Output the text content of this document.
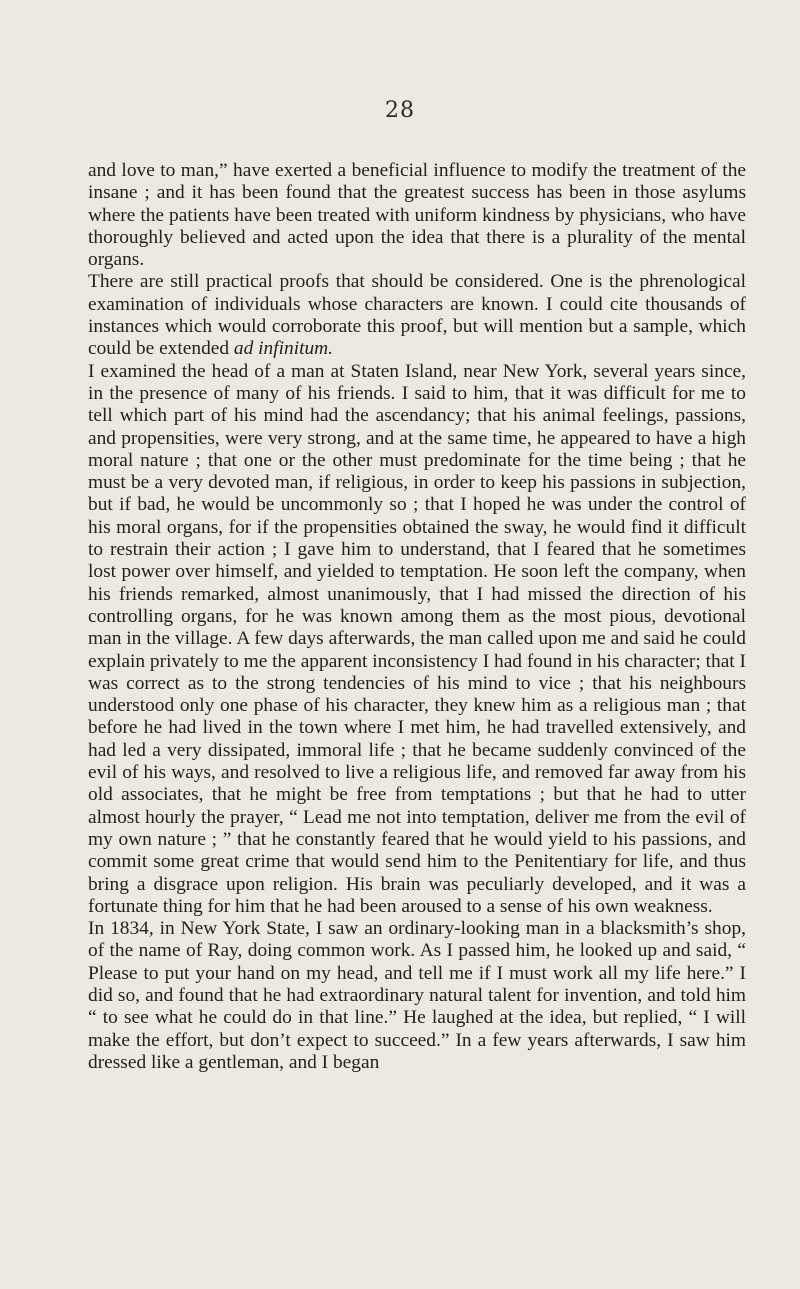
28

and love to man,” have exerted a beneficial influence to modify the treatment of the insane ; and it has been found that the greatest success has been in those asylums where the patients have been treated with uniform kindness by physicians, who have thoroughly believed and acted upon the idea that there is a plurality of the mental organs.

There are still practical proofs that should be considered. One is the phrenological examination of individuals whose characters are known. I could cite thousands of instances which would corroborate this proof, but will mention but a sample, which could be extended ad infinitum.

I examined the head of a man at Staten Island, near New York, several years since, in the presence of many of his friends. I said to him, that it was difficult for me to tell which part of his mind had the ascendancy; that his animal feelings, passions, and propensities, were very strong, and at the same time, he appeared to have a high moral nature ; that one or the other must predominate for the time being ; that he must be a very devoted man, if religious, in order to keep his passions in subjection, but if bad, he would be uncommonly so ; that I hoped he was under the control of his moral organs, for if the propensities obtained the sway, he would find it difficult to restrain their action ; I gave him to understand, that I feared that he sometimes lost power over himself, and yielded to temptation. He soon left the company, when his friends remarked, almost unanimously, that I had missed the direction of his controlling organs, for he was known among them as the most pious, devotional man in the village. A few days afterwards, the man called upon me and said he could explain privately to me the apparent inconsistency I had found in his character; that I was correct as to the strong tendencies of his mind to vice ; that his neighbours understood only one phase of his character, they knew him as a religious man ; that before he had lived in the town where I met him, he had travelled extensively, and had led a very dissipated, immoral life ; that he became suddenly convinced of the evil of his ways, and resolved to live a religious life, and removed far away from his old associates, that he might be free from temptations ; but that he had to utter almost hourly the prayer, “ Lead me not into temptation, deliver me from the evil of my own nature ; ” that he constantly feared that he would yield to his passions, and commit some great crime that would send him to the Penitentiary for life, and thus bring a disgrace upon religion. His brain was peculiarly developed, and it was a fortunate thing for him that he had been aroused to a sense of his own weakness.

In 1834, in New York State, I saw an ordinary-looking man in a blacksmith’s shop, of the name of Ray, doing common work. As I passed him, he looked up and said, “ Please to put your hand on my head, and tell me if I must work all my life here.” I did so, and found that he had extraordinary natural talent for invention, and told him “ to see what he could do in that line.” He laughed at the idea, but replied, “ I will make the effort, but don’t expect to succeed.” In a few years afterwards, I saw him dressed like a gentleman, and I began
